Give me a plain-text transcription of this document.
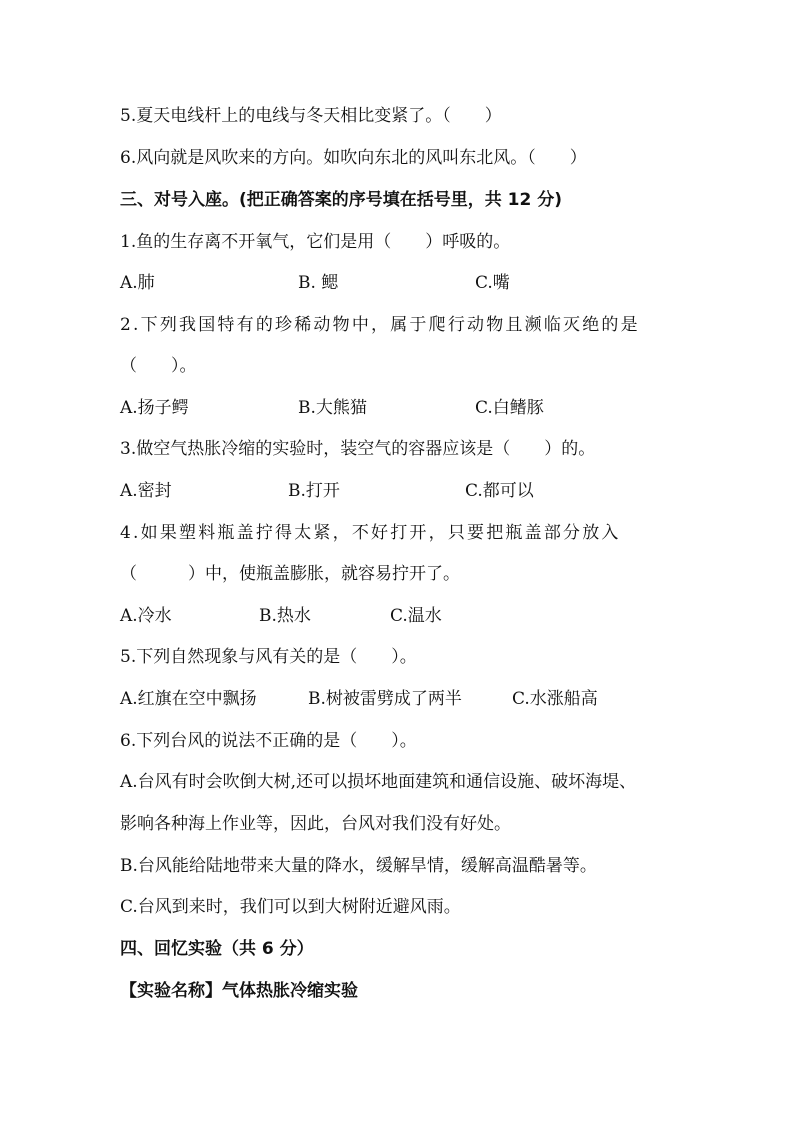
5.夏天电线杆上的电线与冬天相比变紧了。（　　）
6.风向就是风吹来的方向。如吹向东北的风叫东北风。（　　）
三、对号入座。(把正确答案的序号填在括号里，共 12 分)
1.鱼的生存离不开氧气，它们是用（　　）呼吸的。
A.肺	B. 鳃	C.嘴
2.下列我国特有的珍稀动物中，属于爬行动物且濒临灭绝的是
（　　）。
A.扬子鳄	B.大熊猫	C.白鳍豚
3.做空气热胀冷缩的实验时，装空气的容器应该是（　　）的。
A.密封	B.打开	C.都可以
4.如果塑料瓶盖拧得太紧，不好打开，只要把瓶盖部分放入
（　　　）中，使瓶盖膨胀，就容易拧开了。
A.冷水	B.热水	C.温水
5.下列自然现象与风有关的是（　　）。
A.红旗在空中飘扬	B.树被雷劈成了两半	C.水涨船高
6.下列台风的说法不正确的是（　　）。
A.台风有时会吹倒大树,还可以损坏地面建筑和通信设施、破坏海堤、
影响各种海上作业等，因此，台风对我们没有好处。
B.台风能给陆地带来大量的降水，缓解旱情，缓解高温酷暑等。
C.台风到来时，我们可以到大树附近避风雨。
四、回忆实验（共 6 分）
【实验名称】气体热胀冷缩实验
